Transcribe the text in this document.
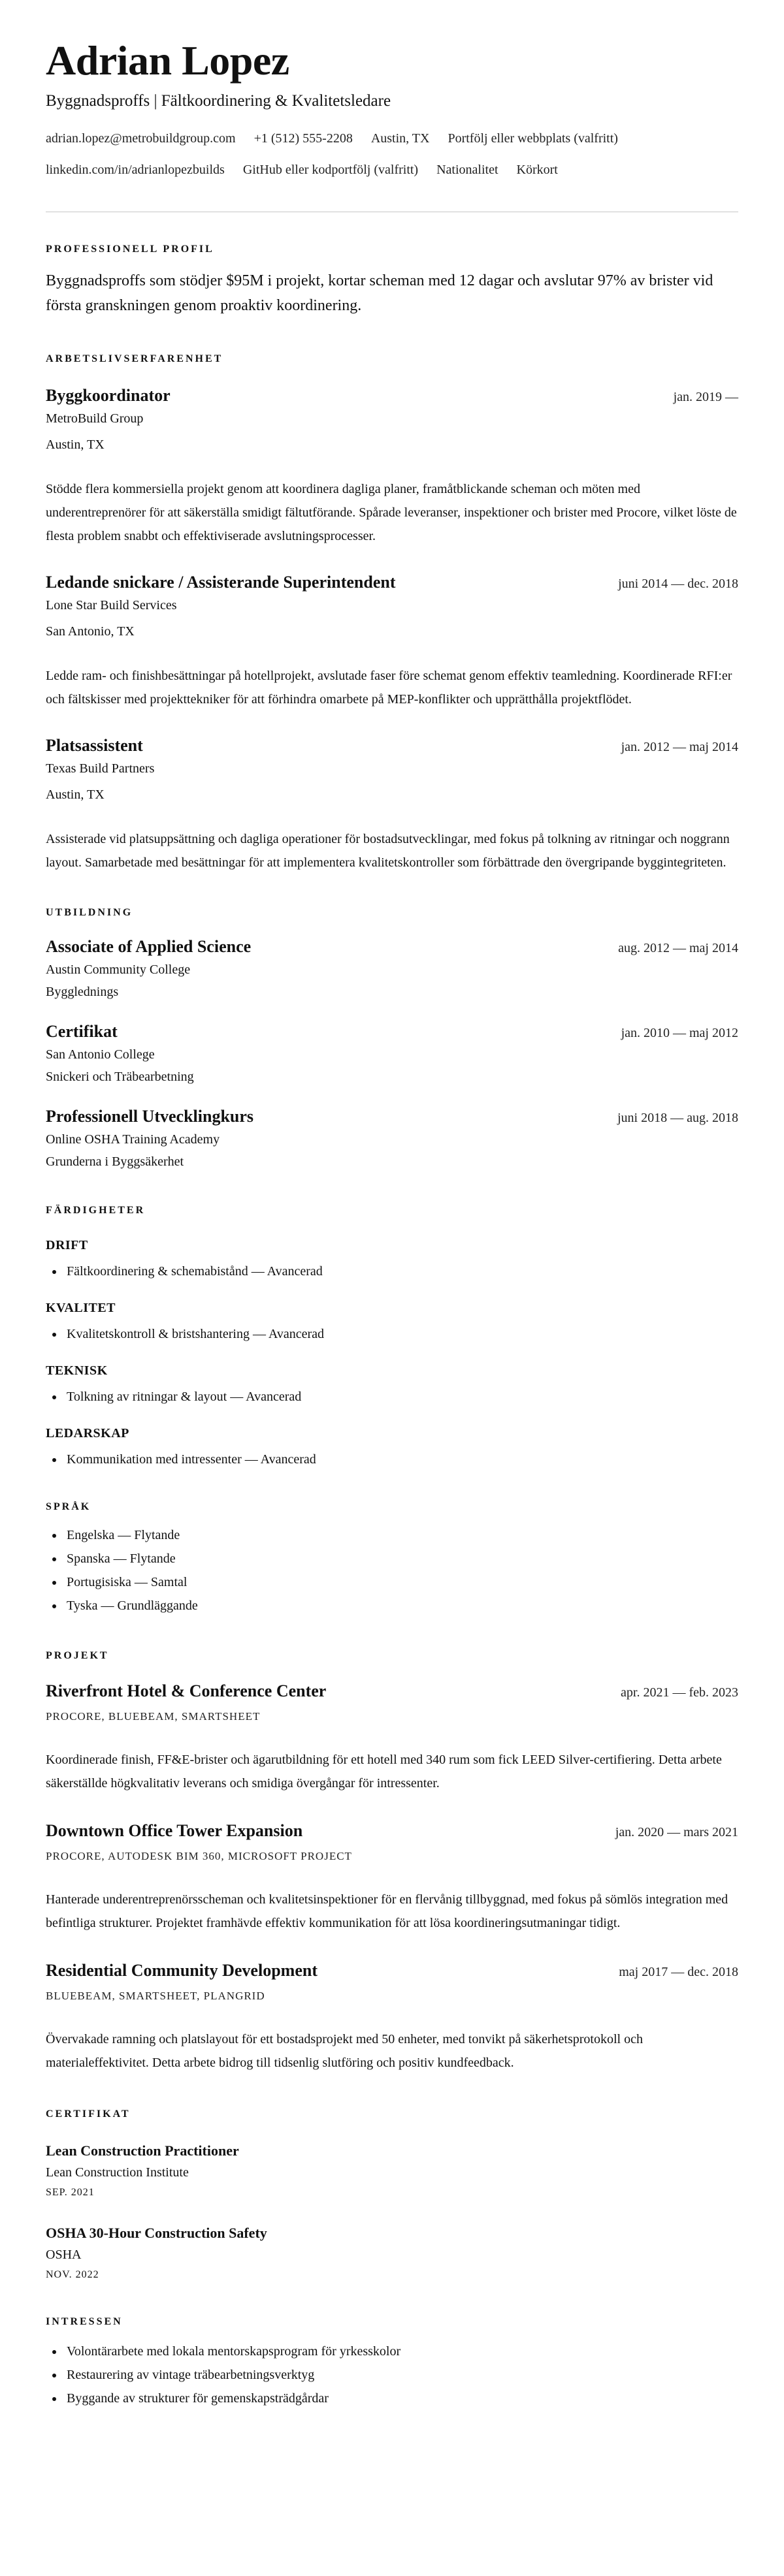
Adrian Lopez
Byggnadsproffs | Fältkoordinering & Kvalitetsledare
adrian.lopez@metrobuildgroup.com +1 (512) 555-2208 Austin, TX Portfölj eller webbplats (valfritt)
linkedin.com/in/adrianlopezbuilds GitHub eller kodportfölj (valfritt) Nationalitet Körkort
PROFESSIONELL PROFIL

Byggnadsproffs som stödjer $95M i projekt, kortar scheman med 12 dagar och avslutar 97% av brister vid första granskningen genom proaktiv koordinering.

ARBETSLIVSERFARENHET
Byggkoordinator	jan. 2019 —
MetroBuild Group
Austin, TX
Stödde flera kommersiella projekt genom att koordinera dagliga planer, framåtblickande scheman och möten med underentreprenörer för att säkerställa smidigt fältutförande. Spårade leveranser, inspektioner och brister med Procore, vilket löste de flesta problem snabbt och effektiviserade avslutningsprocesser.
Ledande snickare / Assisterande Superintendent	juni 2014 — dec. 2018
Lone Star Build Services
San Antonio, TX
Ledde ram- och finishbesättningar på hotellprojekt, avslutade faser före schemat genom effektiv teamledning. Koordinerade RFI:er och fältskisser med projekttekniker för att förhindra omarbete på MEP-konflikter och upprätthålla projektflödet.
Platsassistent	jan. 2012 — maj 2014
Texas Build Partners
Austin, TX
Assisterade vid platsuppsättning och dagliga operationer för bostadsutvecklingar, med fokus på tolkning av ritningar och noggrann layout. Samarbetade med besättningar för att implementera kvalitetskontroller som förbättrade den övergripande byggintegriteten.
UTBILDNING
Associate of Applied Science	aug. 2012 — maj 2014
Austin Community College
Bygglednings
Certifikat	jan. 2010 — maj 2012
San Antonio College
Snickeri och Träbearbetning
Professionell Utvecklingkurs	juni 2018 — aug. 2018
Online OSHA Training Academy
Grunderna i Byggsäkerhet
FÄRDIGHETER
DRIFT
• Fältkoordinering & schemabistånd — Avancerad
KVALITET
• Kvalitetskontroll & bristshantering — Avancerad
TEKNISK
• Tolkning av ritningar & layout — Avancerad
LEDARSKAP
• Kommunikation med intressenter — Avancerad
SPRÅK
• Engelska — Flytande
• Spanska — Flytande
• Portugisiska — Samtal
• Tyska — Grundläggande
PROJEKT
Riverfront Hotel & Conference Center	apr. 2021 — feb. 2023
PROCORE, BLUEBEAM, SMARTSHEET
Koordinerade finish, FF&E-brister och ägarutbildning för ett hotell med 340 rum som fick LEED Silver-certifiering. Detta arbete säkerställde högkvalitativ leverans och smidiga övergångar för intressenter.
Downtown Office Tower Expansion	jan. 2020 — mars 2021
PROCORE, AUTODESK BIM 360, MICROSOFT PROJECT
Hanterade underentreprenörsscheman och kvalitetsinspektioner för en flervånig tillbyggnad, med fokus på sömlös integration med befintliga strukturer. Projektet framhävde effektiv kommunikation för att lösa koordineringsutmaningar tidigt.
Residential Community Development	maj 2017 — dec. 2018
BLUEBEAM, SMARTSHEET, PLANGRID
Övervakade ramning och platslayout för ett bostadsprojekt med 50 enheter, med tonvikt på säkerhetsprotokoll och materialeffektivitet. Detta arbete bidrog till tidsenlig slutföring och positiv kundfeedback.
CERTIFIKAT
Lean Construction Practitioner
Lean Construction Institute
SEP. 2021
OSHA 30-Hour Construction Safety
OSHA
NOV. 2022
INTRESSEN
• Volontärarbete med lokala mentorskapsprogram för yrkesskolor
• Restaurering av vintage träbearbetningsverktyg
• Byggande av strukturer för gemenskapsträdgårdar
